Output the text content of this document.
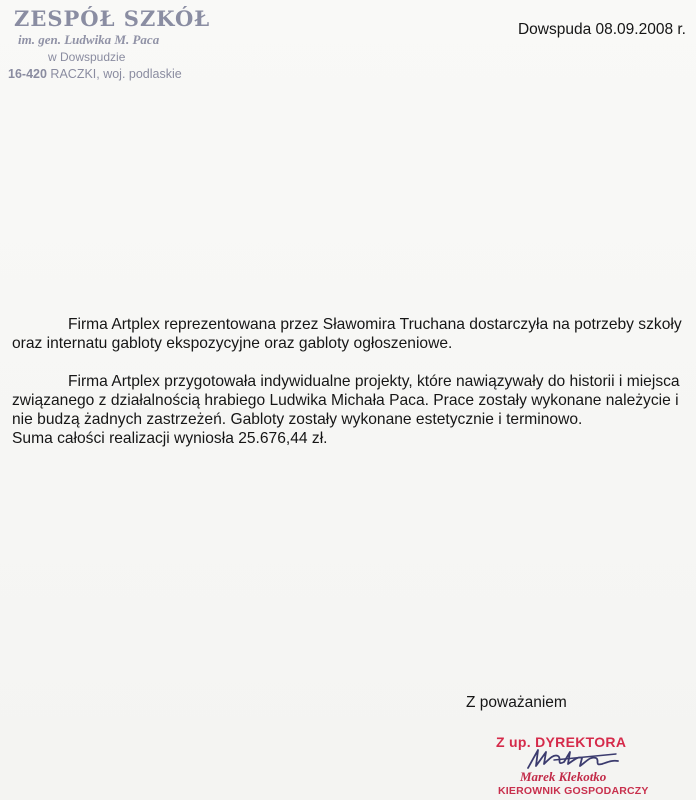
ZESPÓŁ SZKÓŁ
im. gen. Ludwika M. Paca
w Dowspudzie
16-420 RACZKI, woj. podlaskie
Dowspuda 08.09.2008 r.

Firma Artplex reprezentowana przez Sławomira Truchana dostarczyła na potrzeby szkoły oraz internatu gabloty ekspozycyjne oraz gabloty ogłoszeniowe.

Firma Artplex przygotowała indywidualne projekty, które nawiązywały do historii i miejsca związanego z działalnością hrabiego Ludwika Michała Paca. Prace zostały wykonane należycie i nie budzą żadnych zastrzeżeń. Gabloty zostały wykonane estetycznie i terminowo.

Suma całości realizacji wyniosła 25.676,44 zł.

Z poważaniem
Z up. DYREKTORA
Marek Klekotko
KIEROWNIK GOSPODARCZY
